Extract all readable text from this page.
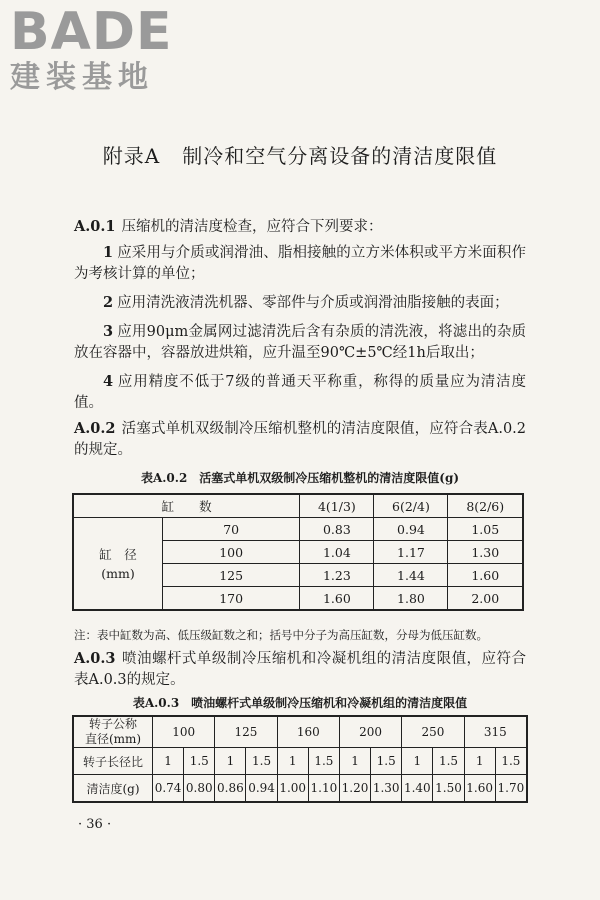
BADE
建装基地
附录A 制冷和空气分离设备的清洁度限值

A.0.1 压缩机的清洁度检查，应符合下列要求：

1 应采用与介质或润滑油、脂相接触的立方米体积或平方米面积作为考核计算的单位；

2 应用清洗液清洗机器、零部件与介质或润滑油脂接触的表面；

3 应用90μm金属网过滤清洗后含有杂质的清洗液，将滤出的杂质放在容器中，容器放进烘箱，应升温至90℃±5℃经1h后取出；

4 应用精度不低于7级的普通天平称重，称得的质量应为清洁度值。

A.0.2 活塞式单机双级制冷压缩机整机的清洁度限值，应符合表A.0.2的规定。

表A.0.2　活塞式单机双级制冷压缩机整机的清洁度限值(g)
缸　　数		4(1/3)	6(2/4)	8(2/6)

缸　径
(mm)	70	0.83	0.94	1.05
	100	1.04	1.17	1.30
	125	1.23	1.44	1.60
	170	1.60	1.80	2.00
注：表中缸数为高、低压级缸数之和；括号中分子为高压缸数，分母为低压缸数。

A.0.3 喷油螺杆式单级制冷压缩机和冷凝机组的清洁度限值，应符合表A.0.3的规定。

表A.0.3　喷油螺杆式单级制冷压缩机和冷凝机组的清洁度限值
转子公称
直径(mm)	100		125		160		200		250		315	
转子长径比	1	1.5	1	1.5	1	1.5	1	1.5	1	1.5	1	1.5
清洁度(g)	0.74	0.80	0.86	0.94	1.00	1.10	1.20	1.30	1.40	1.50	1.60	1.70
· 36 ·
